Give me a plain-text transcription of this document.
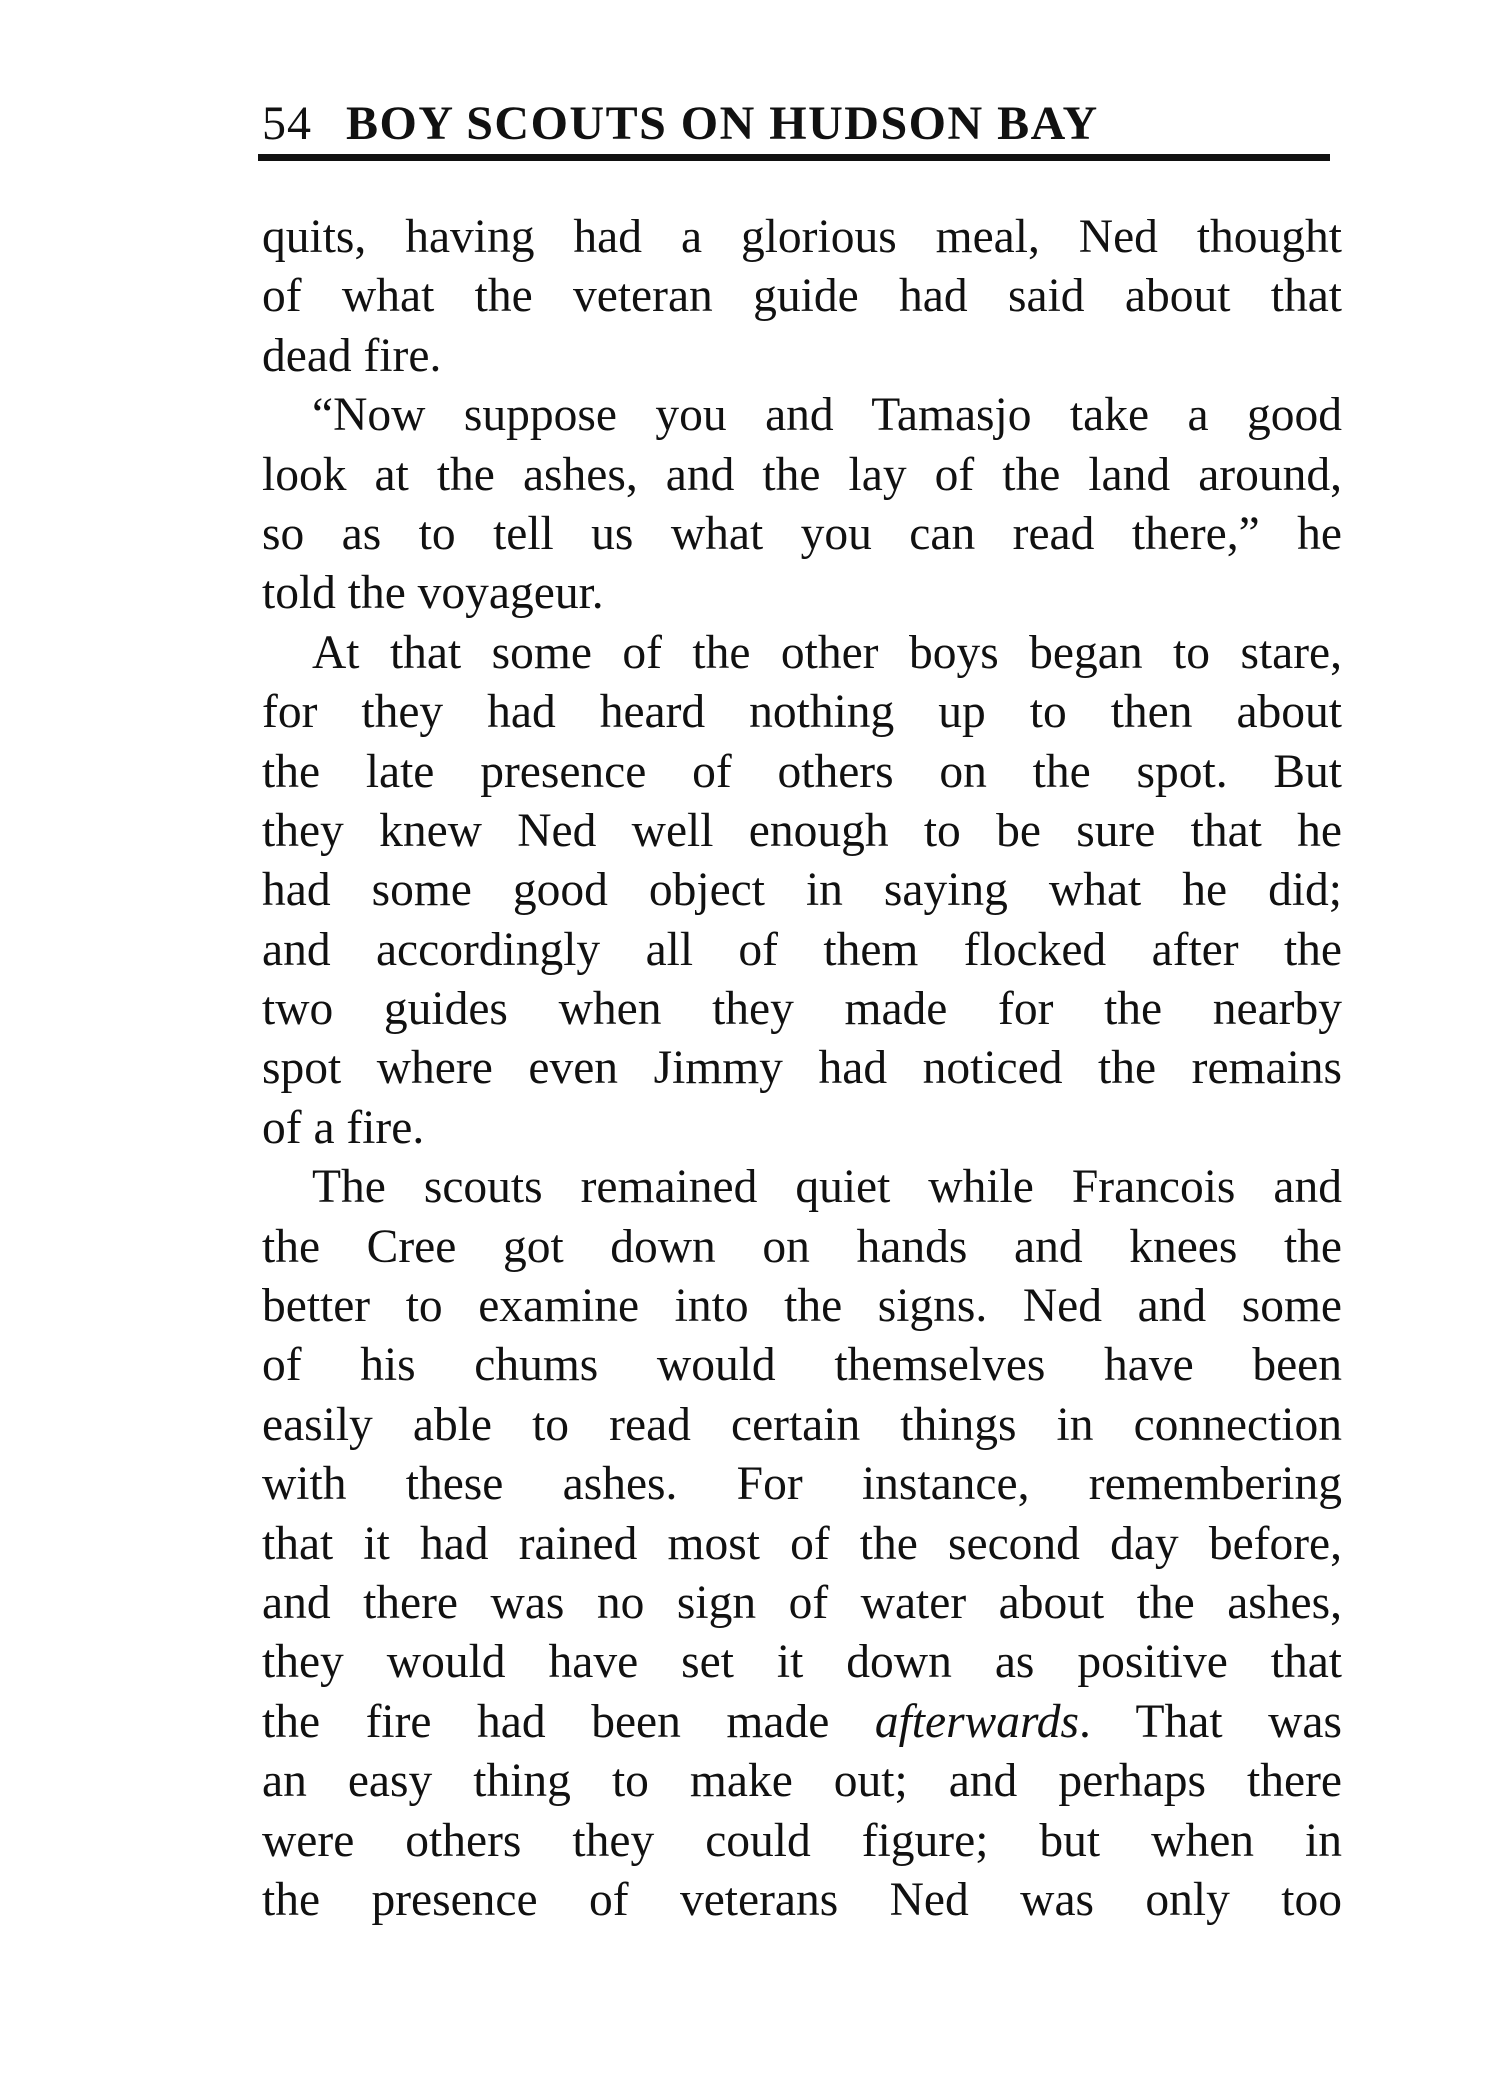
54 BOY SCOUTS ON HUDSON BAY
quits, having had a glorious meal, Ned thought
of what the veteran guide had said about that
dead fire.
“Now suppose you and Tamasjo take a good
look at the ashes, and the lay of the land around,
so as to tell us what you can read there,” he
told the voyageur.
At that some of the other boys began to stare,
for they had heard nothing up to then about
the late presence of others on the spot. But
they knew Ned well enough to be sure that he
had some good object in saying what he did;
and accordingly all of them flocked after the
two guides when they made for the nearby
spot where even Jimmy had noticed the remains
of a fire.
The scouts remained quiet while Francois and
the Cree got down on hands and knees the
better to examine into the signs. Ned and some
of his chums would themselves have been
easily able to read certain things in connection
with these ashes. For instance, remembering
that it had rained most of the second day before,
and there was no sign of water about the ashes,
they would have set it down as positive that
the fire had been made afterwards. That was
an easy thing to make out; and perhaps there
were others they could figure; but when in
the presence of veterans Ned was only too
